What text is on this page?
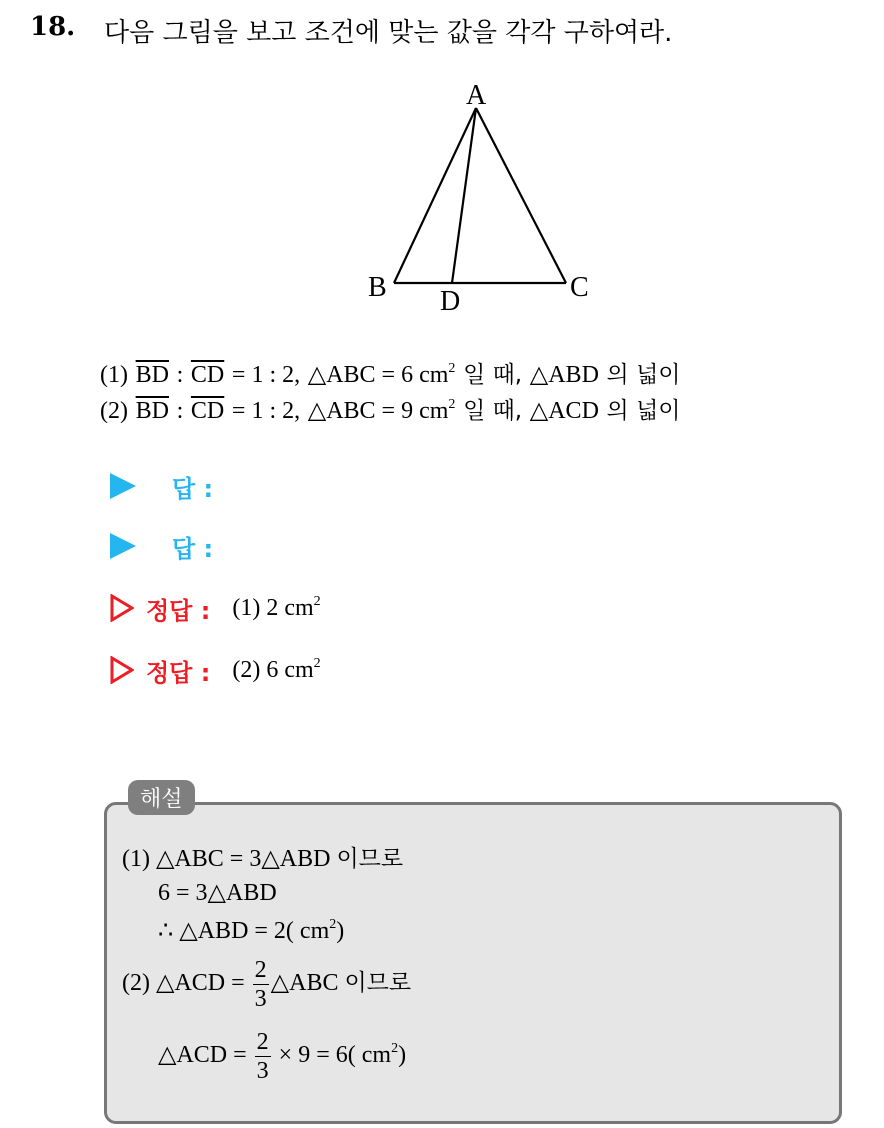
18. 다음 그림을 보고 조건에 맞는 값을 각각 구하여라.
A
B	C
D
(1) $\overline{BD}$ : $\overline{CD} = 1$ : 2, △ABC = 6 $cm^2$ 일 때, △ABD 의 넓이
(2) $\overline{BD}$ : $\overline{CD} = 1$ : 2, △ABC = 9 $cm^2$ 일 때, △ACD 의 넓이
답 :
답 :
정답 : (1) 2 $cm^2$
정답 : (2) 6 $cm^2$
해설
(1) △ABC = 3△ABD 이므로
6 = 3△ABD
∴ △ABD = 2( $cm^2$)
(2) △ACD = $\frac{2}{3}$ △ABC 이므로
△ACD = $\frac{2}{3} \times 9 = 6$( $cm^2$)
